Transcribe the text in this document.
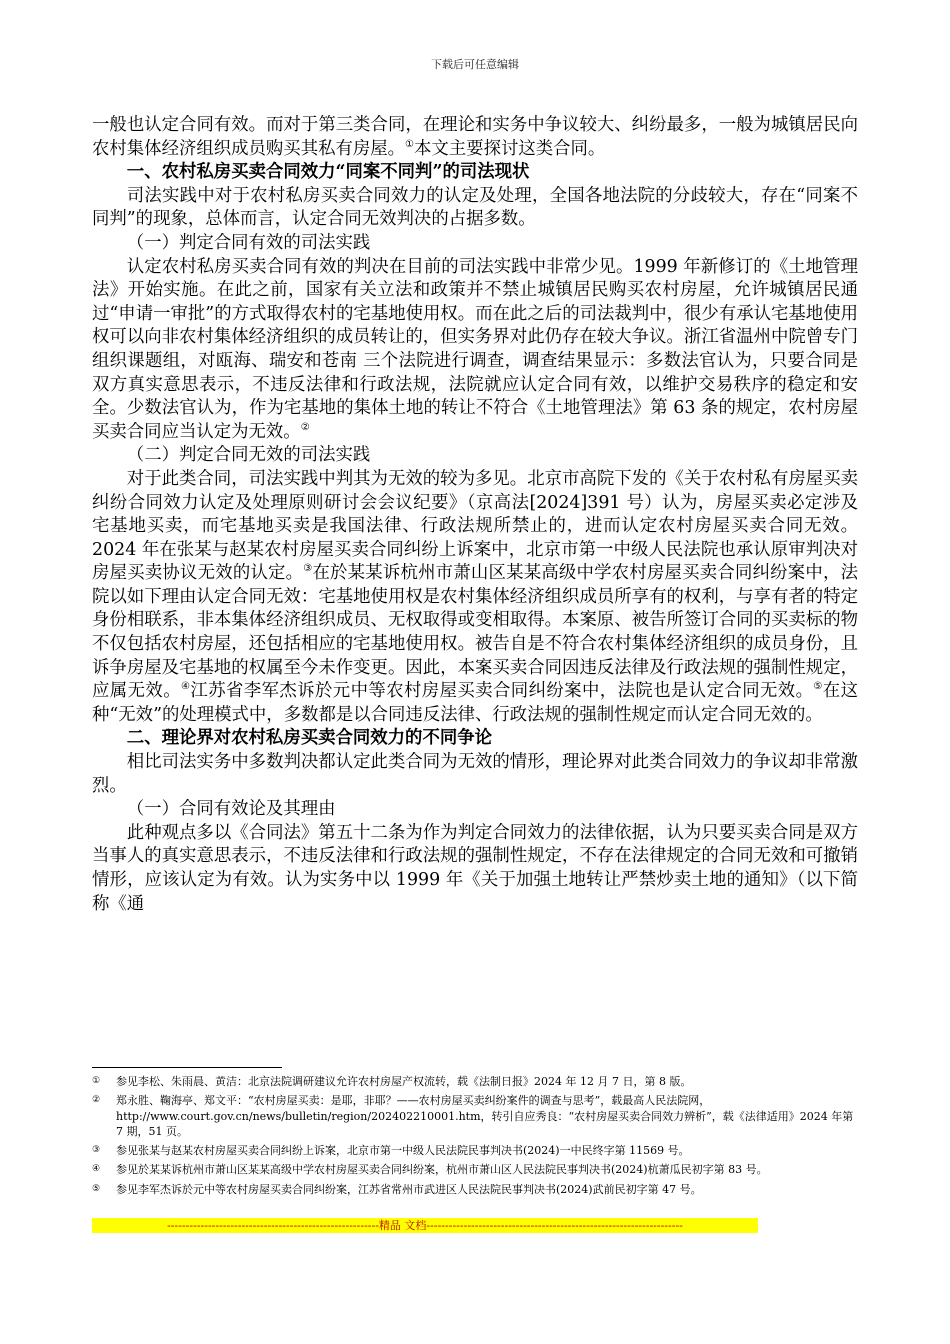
下载后可任意编辑

一般也认定合同有效。而对于第三类合同，在理论和实务中争议较大、纠纷最多，一般为城镇居民向农村集体经济组织成员购买其私有房屋。①本文主要探讨这类合同。

一、农村私房买卖合同效力“同案不同判”的司法现状

司法实践中对于农村私房买卖合同效力的认定及处理，全国各地法院的分歧较大，存在“同案不同判”的现象，总体而言，认定合同无效判决的占据多数。

（一）判定合同有效的司法实践

认定农村私房买卖合同有效的判决在目前的司法实践中非常少见。1999 年新修订的《土地管理法》开始实施。在此之前，国家有关立法和政策并不禁止城镇居民购买农村房屋，允许城镇居民通过“申请一审批”的方式取得农村的宅基地使用权。而在此之后的司法裁判中，很少有承认宅基地使用权可以向非农村集体经济组织的成员转让的，但实务界对此仍存在较大争议。浙江省温州中院曾专门组织课题组，对瓯海、瑞安和苍南 三个法院进行调查，调查结果显示：多数法官认为，只要合同是双方真实意思表示，不违反法律和行政法规，法院就应认定合同有效，以维护交易秩序的稳定和安全。少数法官认为，作为宅基地的集体土地的转让不符合《土地管理法》第 63 条的规定，农村房屋买卖合同应当认定为无效。②

（二）判定合同无效的司法实践

对于此类合同，司法实践中判其为无效的较为多见。北京市高院下发的《关于农村私有房屋买卖纠纷合同效力认定及处理原则研讨会会议纪要》（京高法[2024]391 号）认为，房屋买卖必定涉及宅基地买卖，而宅基地买卖是我国法律、行政法规所禁止的，进而认定农村房屋买卖合同无效。2024 年在张某与赵某农村房屋买卖合同纠纷上诉案中，北京市第一中级人民法院也承认原审判决对房屋买卖协议无效的认定。③在於某某诉杭州市萧山区某某高级中学农村房屋买卖合同纠纷案中，法院以如下理由认定合同无效：宅基地使用权是农村集体经济组织成员所享有的权利，与享有者的特定身份相联系，非本集体经济组织成员、无权取得或变相取得。本案原、被告所签订合同的买卖标的物不仅包括农村房屋，还包括相应的宅基地使用权。被告自是不符合农村集体经济组织的成员身份，且诉争房屋及宅基地的权属至今未作变更。因此，本案买卖合同因违反法律及行政法规的强制性规定，应属无效。④江苏省李军杰诉於元中等农村房屋买卖合同纠纷案中，法院也是认定合同无效。⑤在这种“无效”的处理模式中，多数都是以合同违反法律、行政法规的强制性规定而认定合同无效的。

二、理论界对农村私房买卖合同效力的不同争论

相比司法实务中多数判决都认定此类合同为无效的情形，理论界对此类合同效力的争议却非常激烈。

（一）合同有效论及其理由

此种观点多以《合同法》第五十二条为作为判定合同效力的法律依据，认为只要买卖合同是双方当事人的真实意思表示，不违反法律和行政法规的强制性规定，不存在法律规定的合同无效和可撤销情形，应该认定为有效。认为实务中以 1999 年《关于加强土地转让严禁炒卖土地的通知》（以下简称《通

①	参见李松、朱雨晨、黄洁：北京法院调研建议允许农村房屋产权流转，载《法制日报》2024 年 12 月 7 日，第 8 版。
②	郑永胜、鞠海亭、郑文平：“农村房屋买卖：是耶，非耶？——农村房屋买卖纠纷案件的调查与思考”，载最高人民法院网，http://www.court.gov.cn/news/bulletin/region/202402210001.htm，转引自应秀良：“农村房屋买卖合同效力辨析”，载《法律适用》2024 年第 7 期，51 页。
③	参见张某与赵某农村房屋买卖合同纠纷上诉案，北京市第一中级人民法院民事判决书(2024)一中民终字第 11569 号。
④	参见於某某诉杭州市萧山区某某高级中学农村房屋买卖合同纠纷案，杭州市萧山区人民法院民事判决书(2024)杭萧瓜民初字第 83 号。
⑤	参见李军杰诉於元中等农村房屋买卖合同纠纷案，江苏省常州市武进区人民法院民事判决书(2024)武前民初字第 47 号。
---------------------------------------------------------精品 文档---------------------------------------------------------------------
